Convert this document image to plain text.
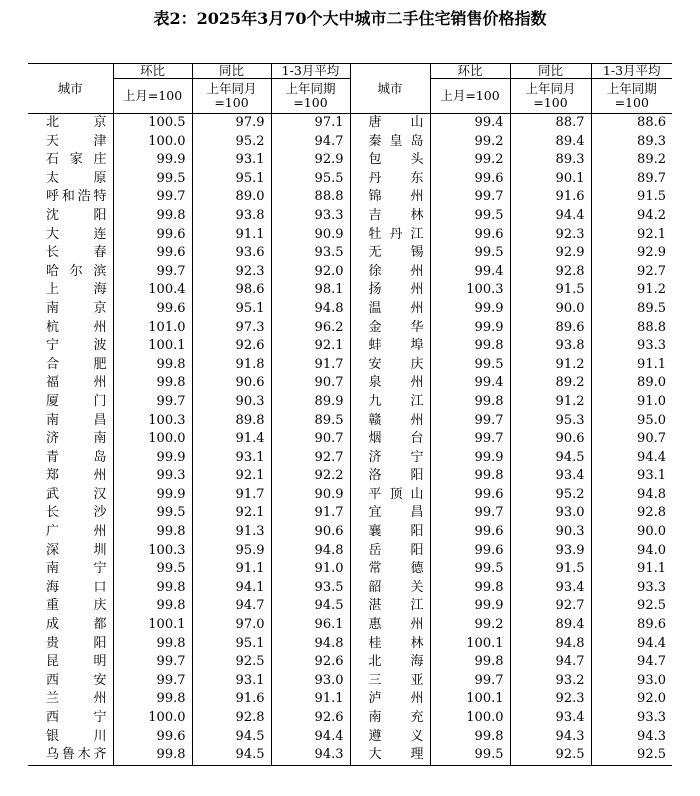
表2：2025年3月70个大中城市二手住宅销售价格指数
城市	环比	同比	1-3月平均	城市	环比	同比	1-3月平均
	上月=100	上年同月=100	上年同期=100		上月=100	上年同月=100	上年同期=100
北京	100.5	97.9	97.1	唐山	99.4	88.7	88.6
天津	100.0	95.2	94.7	秦皇岛	99.2	89.4	89.3
石家庄	99.9	93.1	92.9	包头	99.2	89.3	89.2
太原	99.5	95.1	95.5	丹东	99.6	90.1	89.7
呼和浩特	99.7	89.0	88.8	锦州	99.7	91.6	91.5
沈阳	99.8	93.8	93.3	吉林	99.5	94.4	94.2
大连	99.6	91.1	90.9	牡丹江	99.6	92.3	92.1
长春	99.6	93.6	93.5	无锡	99.5	92.9	92.9
哈尔滨	99.7	92.3	92.0	徐州	99.4	92.8	92.7
上海	100.4	98.6	98.1	扬州	100.3	91.5	91.2
南京	99.6	95.1	94.8	温州	99.9	90.0	89.5
杭州	101.0	97.3	96.2	金华	99.9	89.6	88.8
宁波	100.1	92.6	92.1	蚌埠	99.8	93.8	93.3
合肥	99.8	91.8	91.7	安庆	99.5	91.2	91.1
福州	99.8	90.6	90.7	泉州	99.4	89.2	89.0
厦门	99.7	90.3	89.9	九江	99.8	91.2	91.0
南昌	100.3	89.8	89.5	赣州	99.7	95.3	95.0
济南	100.0	91.4	90.7	烟台	99.7	90.6	90.7
青岛	99.9	93.1	92.7	济宁	99.9	94.5	94.4
郑州	99.3	92.1	92.2	洛阳	99.8	93.4	93.1
武汉	99.9	91.7	90.9	平顶山	99.6	95.2	94.8
长沙	99.5	92.1	91.7	宜昌	99.7	93.0	92.8
广州	99.8	91.3	90.6	襄阳	99.6	90.3	90.0
深圳	100.3	95.9	94.8	岳阳	99.6	93.9	94.0
南宁	99.5	91.1	91.0	常德	99.5	91.5	91.1
海口	99.8	94.1	93.5	韶关	99.8	93.4	93.3
重庆	99.8	94.7	94.5	湛江	99.9	92.7	92.5
成都	100.1	97.0	96.1	惠州	99.2	89.4	89.6
贵阳	99.8	95.1	94.8	桂林	100.1	94.8	94.4
昆明	99.7	92.5	92.6	北海	99.8	94.7	94.7
西安	99.7	93.1	93.0	三亚	99.7	93.2	93.0
兰州	99.8	91.6	91.1	泸州	100.1	92.3	92.0
西宁	100.0	92.8	92.6	南充	100.0	93.4	93.3
银川	99.6	94.5	94.4	遵义	99.8	94.3	94.3
乌鲁木齐	99.8	94.5	94.3	大理	99.5	92.5	92.5
